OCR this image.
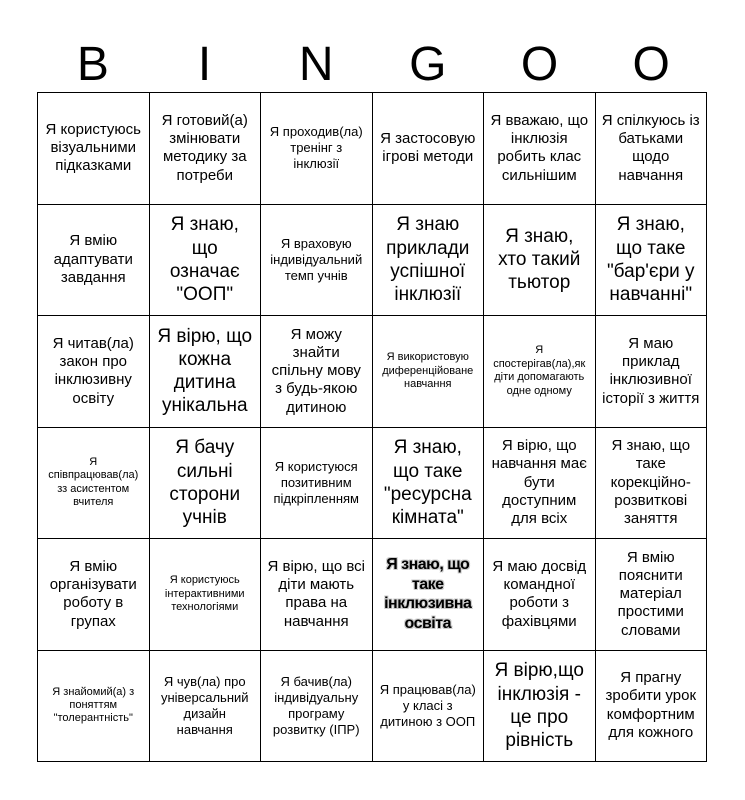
B	I	N	G	O	O
Я користуюсь візуальними підказками
Я готовий(а) змінювати методику за потреби
Я проходив(ла) тренінг з інклюзії
Я застосовую ігрові методи
Я вважаю, що інклюзія робить клас сильнішим
Я спілкуюсь із батьками щодо навчання
Я вмію адаптувати завдання
Я знаю, що означає "ООП"
Я враховую індивідуальний темп учнів
Я знаю приклади успішної інклюзії
Я знаю, хто такий тьютор
Я знаю, що таке "бар'єри у навчанні"
Я читав(ла) закон про інклюзивну освіту
Я вірю, що кожна дитина унікальна
Я можу знайти спільну мову з будь-якою дитиною
Я використовую диференційоване навчання
Я спостерігав(ла),як діти допомагають одне одному
Я маю приклад інклюзивної історії з життя
Я співпрацював(ла) зз асистентом вчителя
Я бачу сильні сторони учнів
Я користуюся позитивним підкріпленням
Я знаю, що таке "ресурсна кімната"
Я вірю, що навчання має бути доступним для всіх
Я знаю, що таке корекційно-розвиткові заняття
Я вмію організувати роботу в групах
Я користуюсь інтерактивними технологіями
Я вірю, що всі діти мають права на навчання
Я знаю, що таке інклюзивна освіта
Я маю досвід командної роботи з фахівцями
Я вмію пояснити матеріал простими словами
Я знайомий(а) з поняттям "толерантність"
Я чув(ла) про універсальний дизайн навчання
Я бачив(ла) індивідуальну програму розвитку (ІПР)
Я працював(ла) у класі з дитиною з ООП
Я вірю,що інклюзія - це про рівність
Я прагну зробити урок комфортним для кожного
